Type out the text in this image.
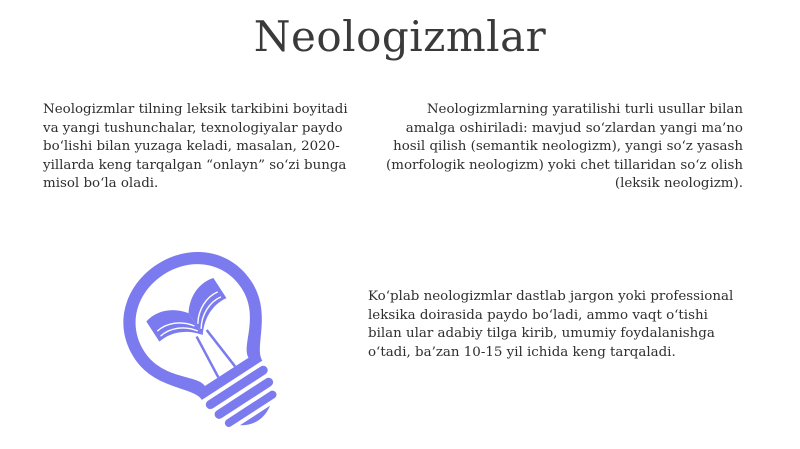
Neologizmlar
Neologizmlar tilning leksik tarkibini boyitadi va yangi tushunchalar, texnologiyalar paydo bo‘lishi bilan yuzaga keladi, masalan, 2020-yillarda keng tarqalgan “onlayn” so‘zi bunga misol bo‘la oladi.
Neologizmlarning yaratilishi turli usullar bilan amalga oshiriladi: mavjud so‘zlardan yangi ma’no hosil qilish (semantik neologizm), yangi so‘z yasash (morfologik neologizm) yoki chet tillaridan so‘z olish (leksik neologizm).
Ko‘plab neologizmlar dastlab jargon yoki professional leksika doirasida paydo bo‘ladi, ammo vaqt o‘tishi bilan ular adabiy tilga kirib, umumiy foydalanishga o‘tadi, ba’zan 10-15 yil ichida keng tarqaladi.
